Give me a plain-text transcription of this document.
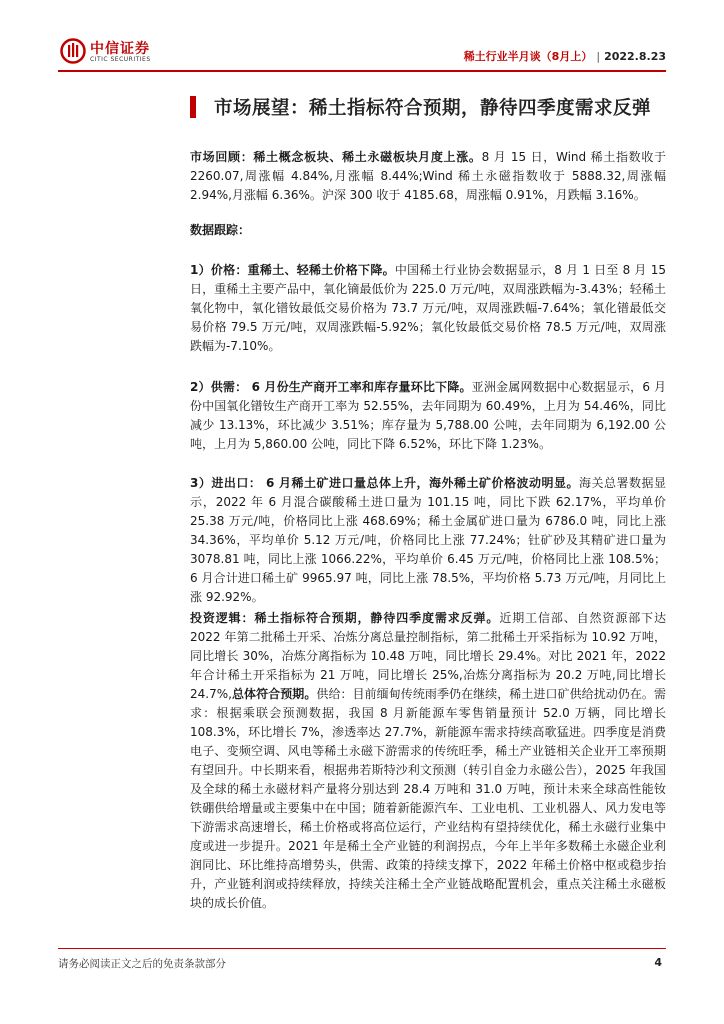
中信证券
CITIC SECURITIES	稀土行业半月谈（8月上） | 2022.8.23
市场展望：稀土指标符合预期，静待四季度需求反弹

市场回顾：稀土概念板块、稀土永磁板块月度上涨。8 月 15 日，Wind 稀土指数收于 2260.07,周涨幅 4.84%,月涨幅 8.44%;Wind 稀土永磁指数收于 5888.32,周涨幅 2.94%,月涨幅 6.36%。沪深 300 收于 4185.68，周涨幅 0.91%，月跌幅 3.16%。

数据跟踪：

1）价格：重稀土、轻稀土价格下降。中国稀土行业协会数据显示，8 月 1 日至 8 月 15 日，重稀土主要产品中，氧化镝最低价为 225.0 万元/吨，双周涨跌幅为-3.43%；轻稀土氧化物中，氧化镨钕最低交易价格为 73.7 万元/吨，双周涨跌幅-7.64%；氧化镨最低交易价格 79.5 万元/吨，双周涨跌幅-5.92%；氧化钕最低交易价格 78.5 万元/吨，双周涨跌幅为-7.10%。

2）供需： 6 月份生产商开工率和库存量环比下降。亚洲金属网数据中心数据显示，6 月份中国氧化镨钕生产商开工率为 52.55%，去年同期为 60.49%，上月为 54.46%，同比减少 13.13%，环比减少 3.51%；库存量为 5,788.00 公吨，去年同期为 6,192.00 公吨，上月为 5,860.00 公吨，同比下降 6.52%，环比下降 1.23%。

3）进出口： 6 月稀土矿进口量总体上升，海外稀土矿价格波动明显。海关总署数据显示，2022 年 6 月混合碳酸稀土进口量为 101.15 吨，同比下跌 62.17%，平均单价 25.38 万元/吨，价格同比上涨 468.69%；稀土金属矿进口量为 6786.0 吨，同比上涨 34.36%，平均单价 5.12 万元/吨，价格同比上涨 77.24%；钍矿砂及其精矿进口量为 3078.81 吨，同比上涨 1066.22%，平均单价 6.45 万元/吨，价格同比上涨 108.5%；6 月合计进口稀土矿 9965.97 吨，同比上涨 78.5%，平均价格 5.73 万元/吨，月同比上涨 92.92%。

投资逻辑：稀土指标符合预期，静待四季度需求反弹。近期工信部、自然资源部下达 2022 年第二批稀土开采、冶炼分离总量控制指标，第二批稀土开采指标为 10.92 万吨，同比增长 30%，冶炼分离指标为 10.48 万吨，同比增长 29.4%。对比 2021 年，2022 年合计稀土开采指标为 21 万吨，同比增长 25%,冶炼分离指标为 20.2 万吨,同比增长 24.7%,总体符合预期。供给：目前缅甸传统雨季仍在继续，稀土进口矿供给扰动仍在。需求：根据乘联会预测数据，我国 8 月新能源车零售销量预计 52.0 万辆，同比增长 108.3%，环比增长 7%，渗透率达 27.7%，新能源车需求持续高歌猛进。四季度是消费电子、变频空调、风电等稀土永磁下游需求的传统旺季，稀土产业链相关企业开工率预期有望回升。中长期来看，根据弗若斯特沙利文预测（转引自金力永磁公告），2025 年我国及全球的稀土永磁材料产量将分别达到 28.4 万吨和 31.0 万吨，预计未来全球高性能钕铁硼供给增量或主要集中在中国；随着新能源汽车、工业电机、工业机器人、风力发电等下游需求高速增长，稀土价格或将高位运行，产业结构有望持续优化，稀土永磁行业集中度或进一步提升。2021 年是稀土全产业链的利润拐点，今年上半年多数稀土永磁企业利润同比、环比维持高增势头，供需、政策的持续支撑下，2022 年稀土价格中枢或稳步抬升，产业链利润或持续释放，持续关注稀土全产业链战略配置机会，重点关注稀土永磁板块的成长价值。

请务必阅读正文之后的免责条款部分	4
